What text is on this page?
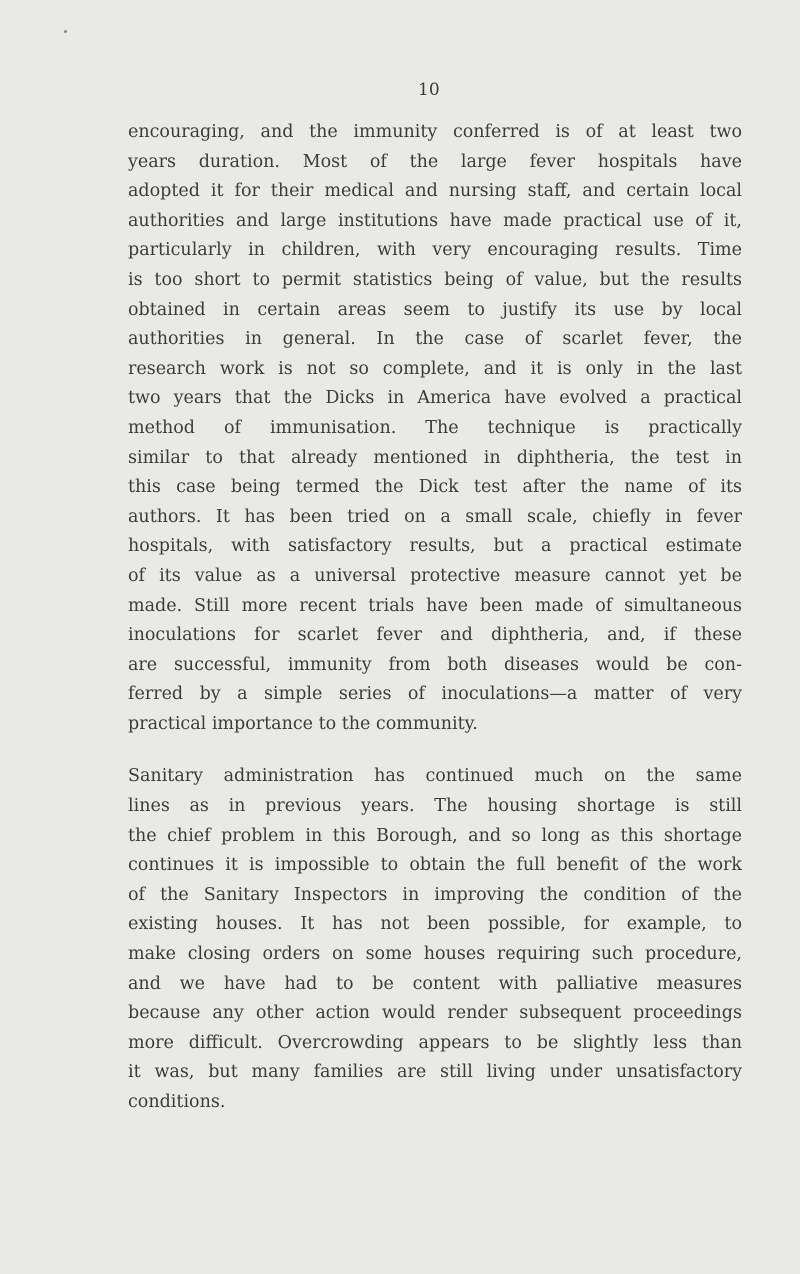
10
encouraging, and the immunity conferred is of at least two
years duration. Most of the large fever hospitals have
adopted it for their medical and nursing staff, and certain local
authorities and large institutions have made practical use of it,
particularly in children, with very encouraging results. Time
is too short to permit statistics being of value, but the results
obtained in certain areas seem to justify its use by local
authorities in general. In the case of scarlet fever, the
research work is not so complete, and it is only in the last
two years that the Dicks in America have evolved a practical
method of immunisation. The technique is practically
similar to that already mentioned in diphtheria, the test in
this case being termed the Dick test after the name of its
authors. It has been tried on a small scale, chiefly in fever
hospitals, with satisfactory results, but a practical estimate
of its value as a universal protective measure cannot yet be
made. Still more recent trials have been made of simultaneous
inoculations for scarlet fever and diphtheria, and, if these
are successful, immunity from both diseases would be con-
ferred by a simple series of inoculations—a matter of very
practical importance to the community.
Sanitary administration has continued much on the same
lines as in previous years. The housing shortage is still
the chief problem in this Borough, and so long as this shortage
continues it is impossible to obtain the full benefit of the work
of the Sanitary Inspectors in improving the condition of the
existing houses. It has not been possible, for example, to
make closing orders on some houses requiring such procedure,
and we have had to be content with palliative measures
because any other action would render subsequent proceedings
more difficult. Overcrowding appears to be slightly less than
it was, but many families are still living under unsatisfactory
conditions.
